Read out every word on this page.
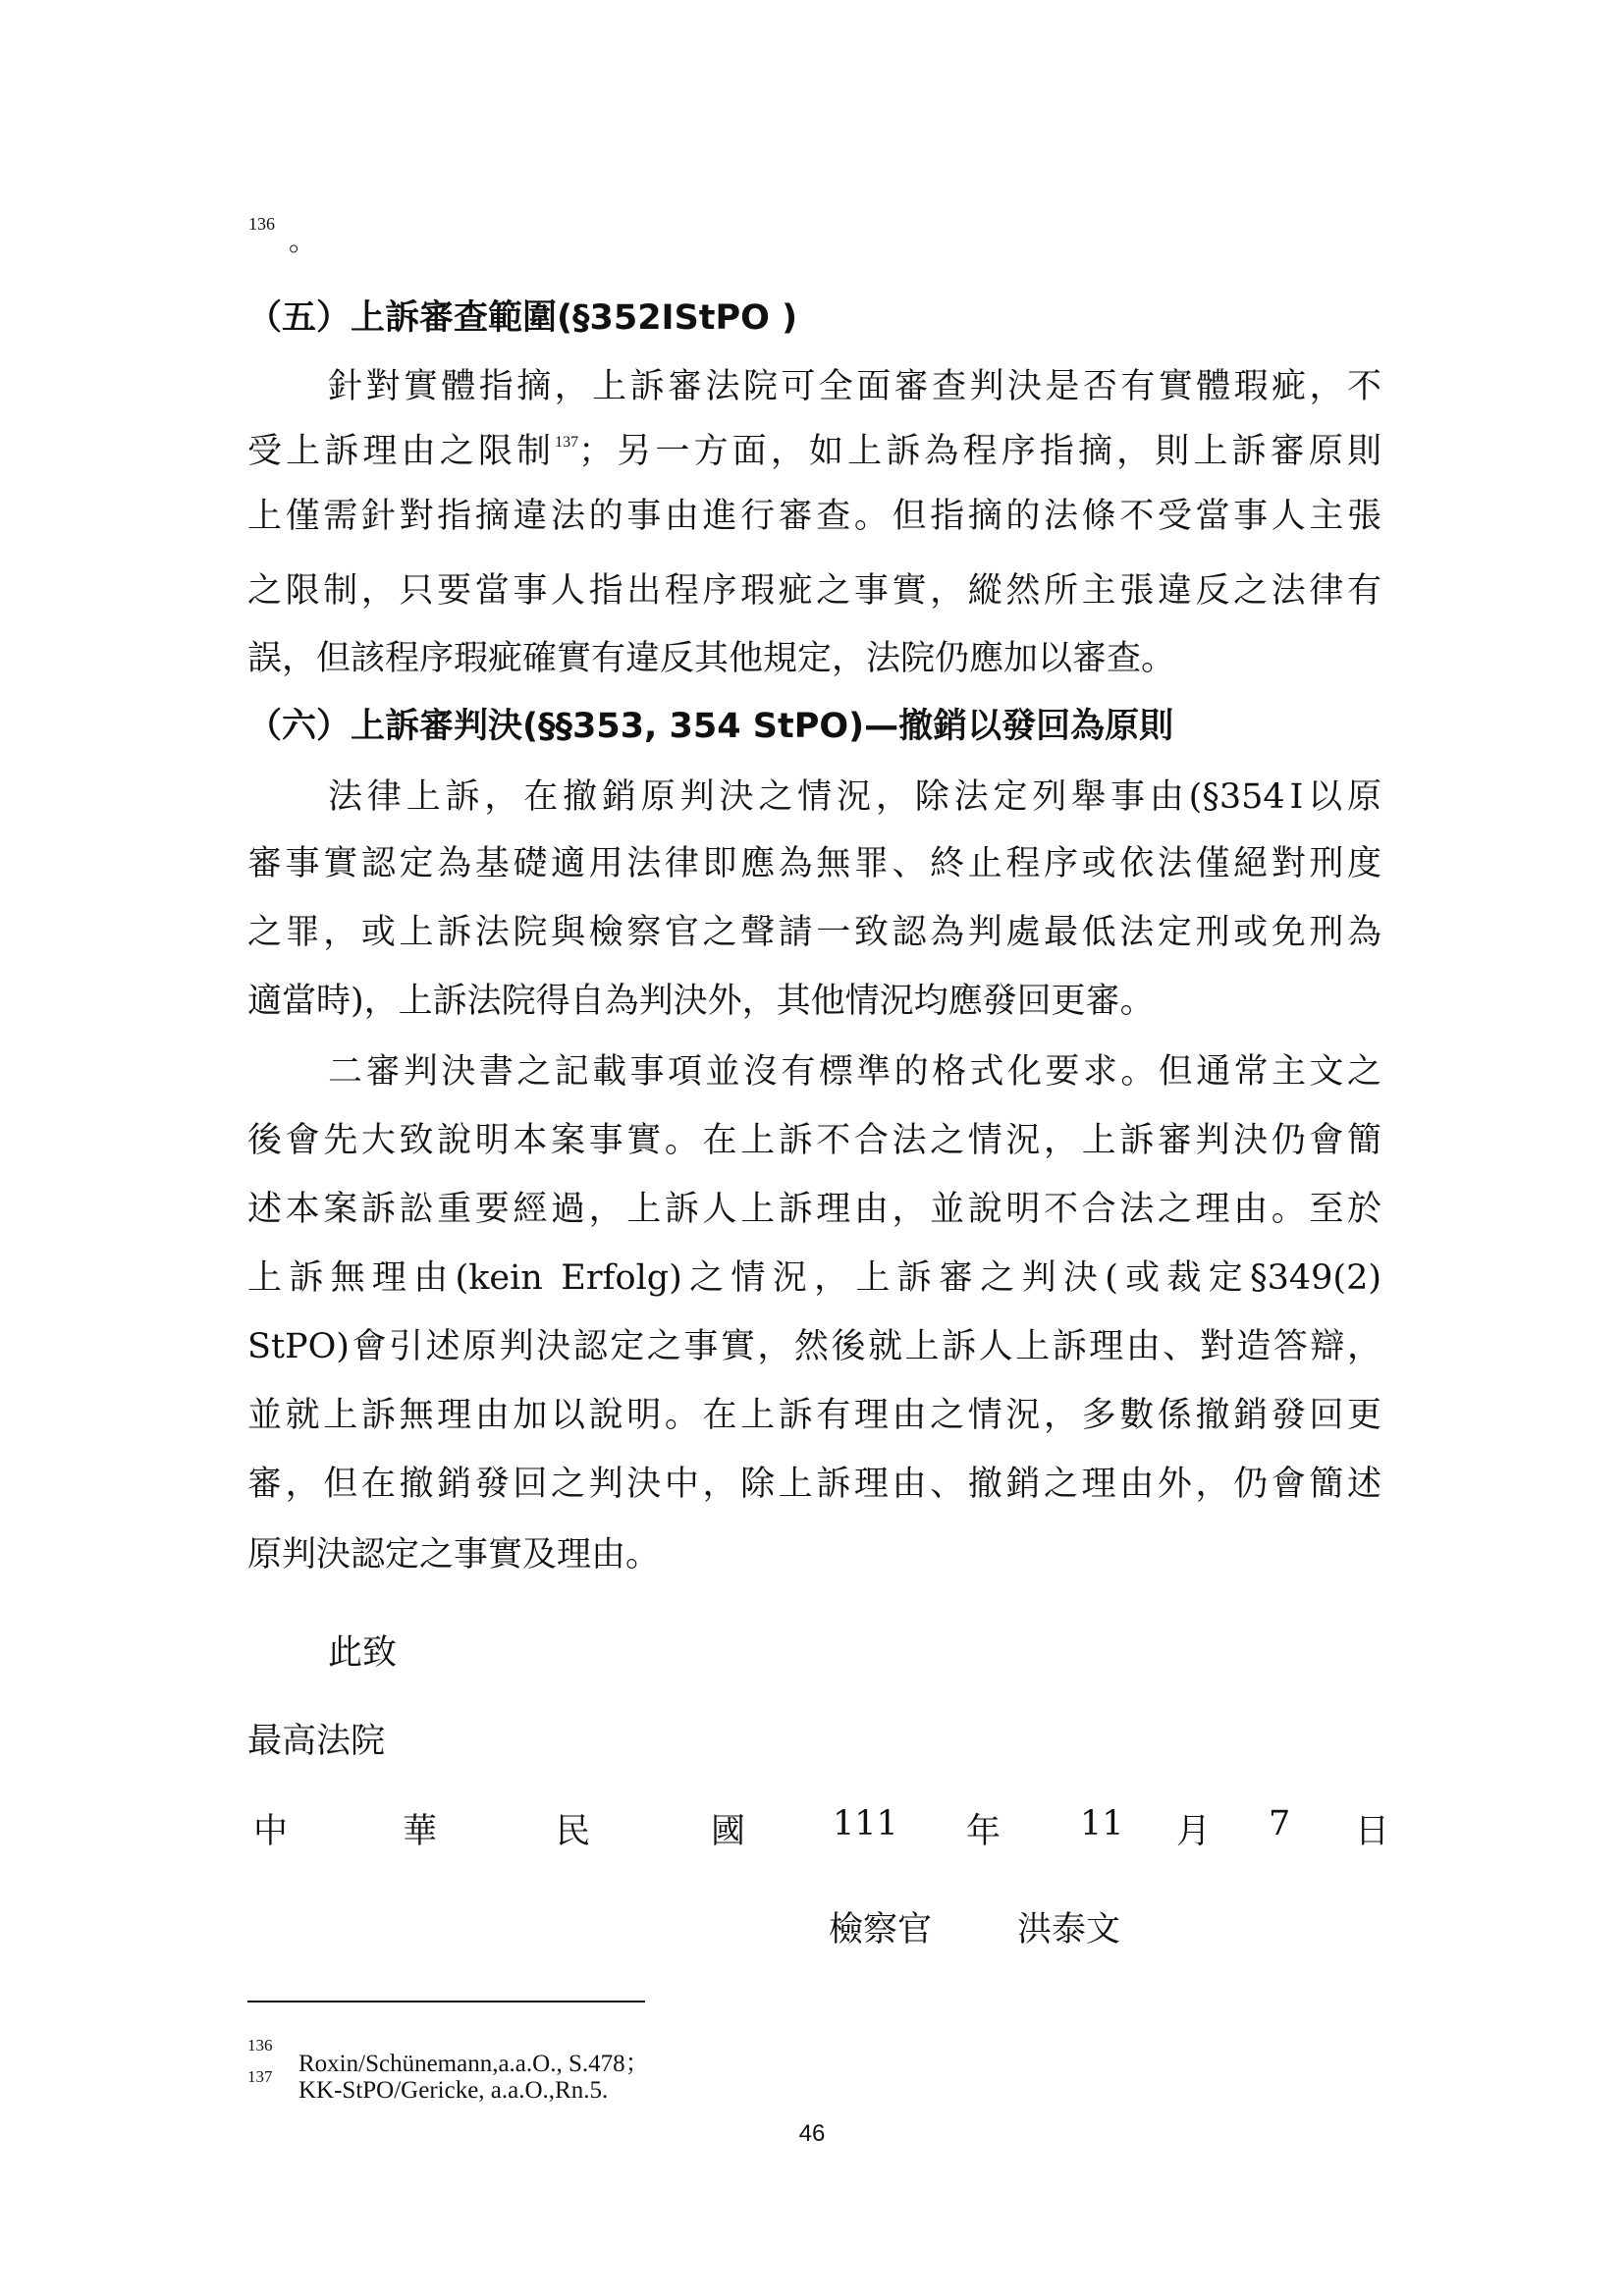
136
。
（五）上訴審查範圍(§352ⅠStPO )
針對實體指摘，上訴審法院可全面審查判決是否有實體瑕疵，不
受上訴理由之限制$^{137}$；另一方面，如上訴為程序指摘，則上訴審原則
上僅需針對指摘違法的事由進行審查。但指摘的法條不受當事人主張
之限制，只要當事人指出程序瑕疵之事實，縱然所主張違反之法律有
誤，但該程序瑕疵確實有違反其他規定，法院仍應加以審查。
（六）上訴審判決(§§353, 354 StPO)—撤銷以發回為原則
法律上訴，在撤銷原判決之情況，除法定列舉事由(§354Ⅰ以原
審事實認定為基礎適用法律即應為無罪、終止程序或依法僅絕對刑度
之罪，或上訴法院與檢察官之聲請一致認為判處最低法定刑或免刑為
適當時)，上訴法院得自為判決外，其他情況均應發回更審。
二審判決書之記載事項並沒有標準的格式化要求。但通常主文之
後會先大致說明本案事實。在上訴不合法之情況，上訴審判決仍會簡
述本案訴訟重要經過，上訴人上訴理由，並說明不合法之理由。至於
上訴無理由(kein Erfolg)之情況，上訴審之判決(或裁定§349(2)
StPO)會引述原判決認定之事實，然後就上訴人上訴理由、對造答辯，
並就上訴無理由加以說明。在上訴有理由之情況，多數係撤銷發回更
審，但在撤銷發回之判決中，除上訴理由、撤銷之理由外，仍會簡述
原判決認定之事實及理由。
此致
最高法院
中	華	民	國	111 年 11 月 7 日
檢察官 洪泰文
136
Roxin/Schünemann,a.a.O., S.478；
137
KK-StPO/Gericke, a.a.O.,Rn.5.
46
